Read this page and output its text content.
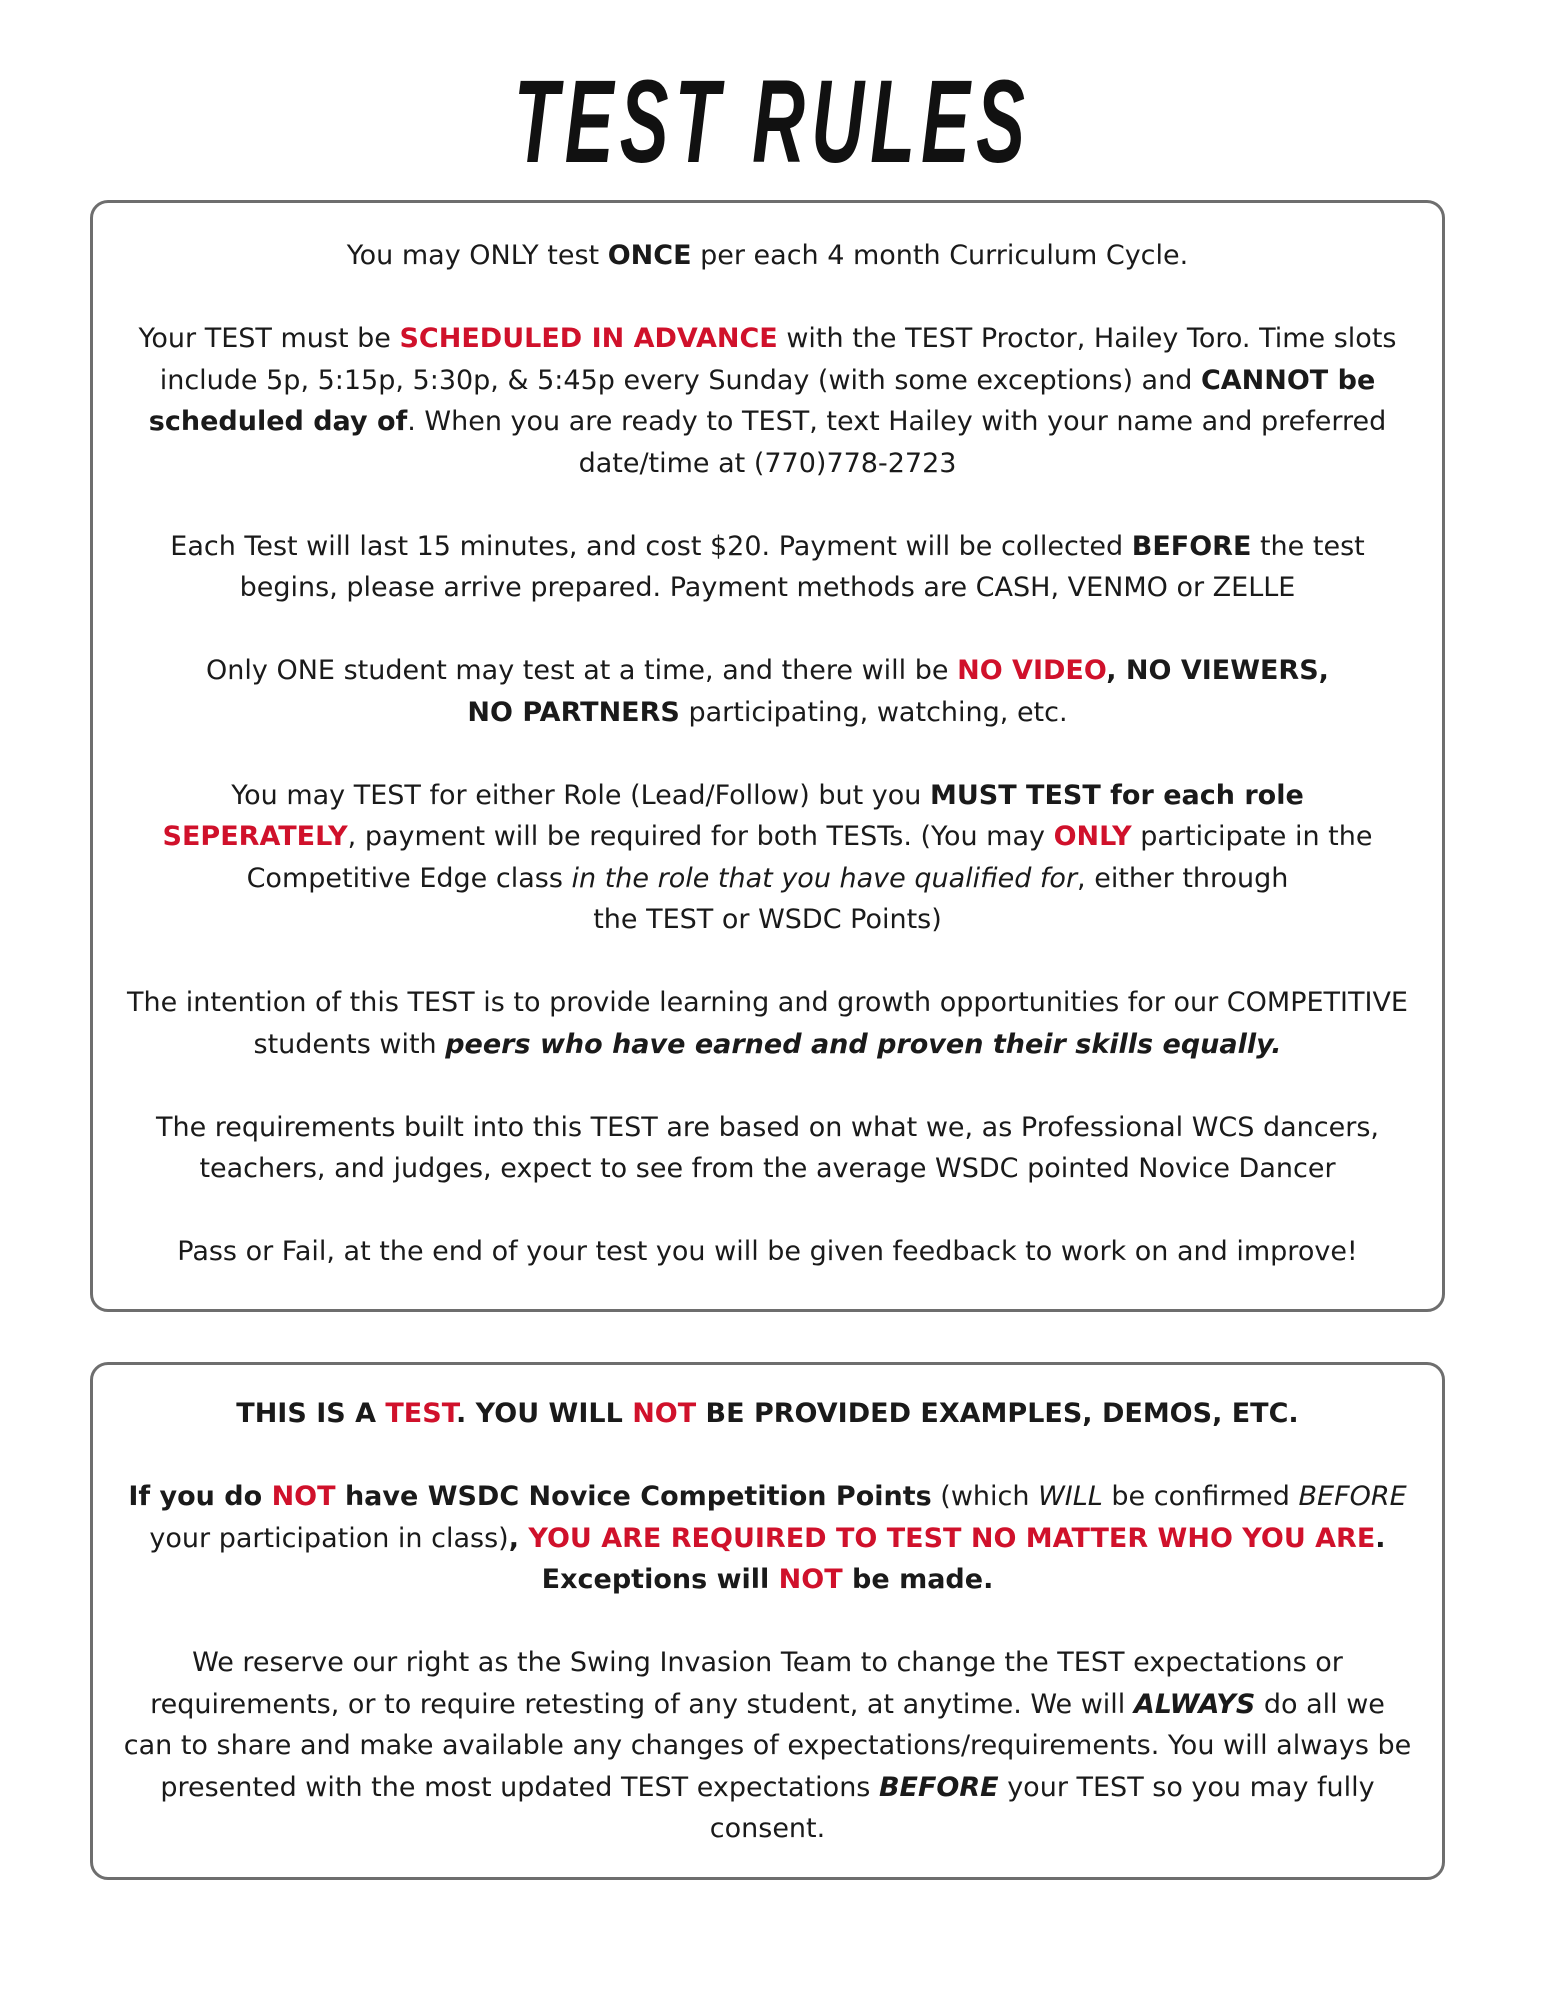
TEST RULES

You may ONLY test ONCE per each 4 month Curriculum Cycle.

Your TEST must be SCHEDULED IN ADVANCE with the TEST Proctor, Hailey Toro. Time slots include 5p, 5:15p, 5:30p, & 5:45p every Sunday (with some exceptions) and CANNOT be scheduled day of. When you are ready to TEST, text Hailey with your name and preferred date/time at (770)778-2723

Each Test will last 15 minutes, and cost $20. Payment will be collected BEFORE the test begins, please arrive prepared. Payment methods are CASH, VENMO or ZELLE

Only ONE student may test at a time, and there will be NO VIDEO, NO VIEWERS,
NO PARTNERS participating, watching, etc.

You may TEST for either Role (Lead/Follow) but you MUST TEST for each role
SEPERATELY, payment will be required for both TESTs. (You may ONLY participate in the Competitive Edge class in the role that you have qualified for, either through
the TEST or WSDC Points)

The intention of this TEST is to provide learning and growth opportunities for our COMPETITIVE students with peers who have earned and proven their skills equally.

The requirements built into this TEST are based on what we, as Professional WCS dancers, teachers, and judges, expect to see from the average WSDC pointed Novice Dancer

Pass or Fail, at the end of your test you will be given feedback to work on and improve!

THIS IS A TEST. YOU WILL NOT BE PROVIDED EXAMPLES, DEMOS, ETC.

If you do NOT have WSDC Novice Competition Points (which WILL be confirmed BEFORE your participation in class), YOU ARE REQUIRED TO TEST NO MATTER WHO YOU ARE.
Exceptions will NOT be made.

We reserve our right as the Swing Invasion Team to change the TEST expectations or requirements, or to require retesting of any student, at anytime. We will ALWAYS do all we can to share and make available any changes of expectations/requirements. You will always be presented with the most updated TEST expectations BEFORE your TEST so you may fully consent.
